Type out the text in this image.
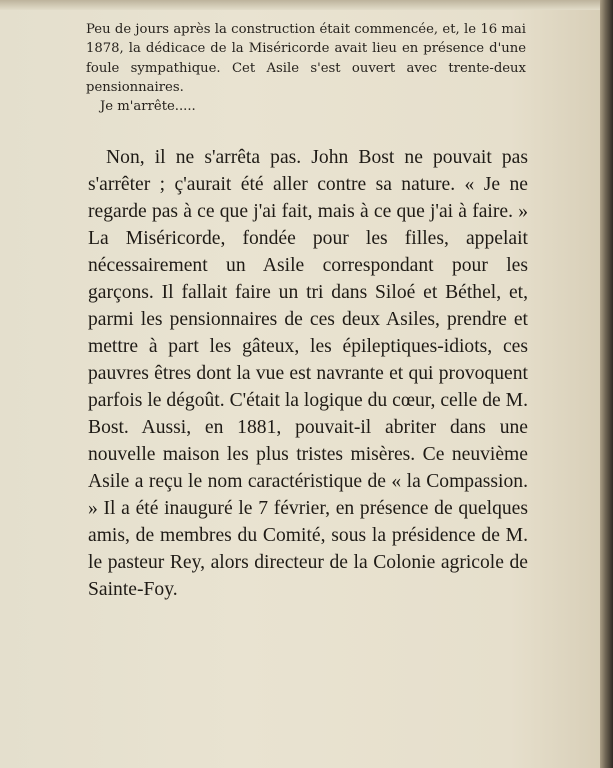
Peu de jours après la construction était commencée, et, le 16 mai 1878, la dédicace de la Miséricorde avait lieu en présence d'une foule sympathique. Cet Asile s'est ouvert avec trente-deux pensionnaires.

Je m'arrête.....

Non, il ne s'arrêta pas. John Bost ne pouvait pas s'arrêter ; ç'aurait été aller contre sa nature. « Je ne regarde pas à ce que j'ai fait, mais à ce que j'ai à faire. » La Miséricorde, fondée pour les filles, appelait nécessairement un Asile correspondant pour les garçons. Il fallait faire un tri dans Siloé et Béthel, et, parmi les pensionnaires de ces deux Asiles, prendre et mettre à part les gâteux, les épileptiques-idiots, ces pauvres êtres dont la vue est navrante et qui provoquent parfois le dégoût. C'était la logique du cœur, celle de M. Bost. Aussi, en 1881, pouvait-il abriter dans une nouvelle maison les plus tristes misères. Ce neuvième Asile a reçu le nom caractéristique de « la Compassion. » Il a été inauguré le 7 février, en présence de quelques amis, de membres du Comité, sous la présidence de M. le pasteur Rey, alors directeur de la Colonie agricole de Sainte-Foy.
